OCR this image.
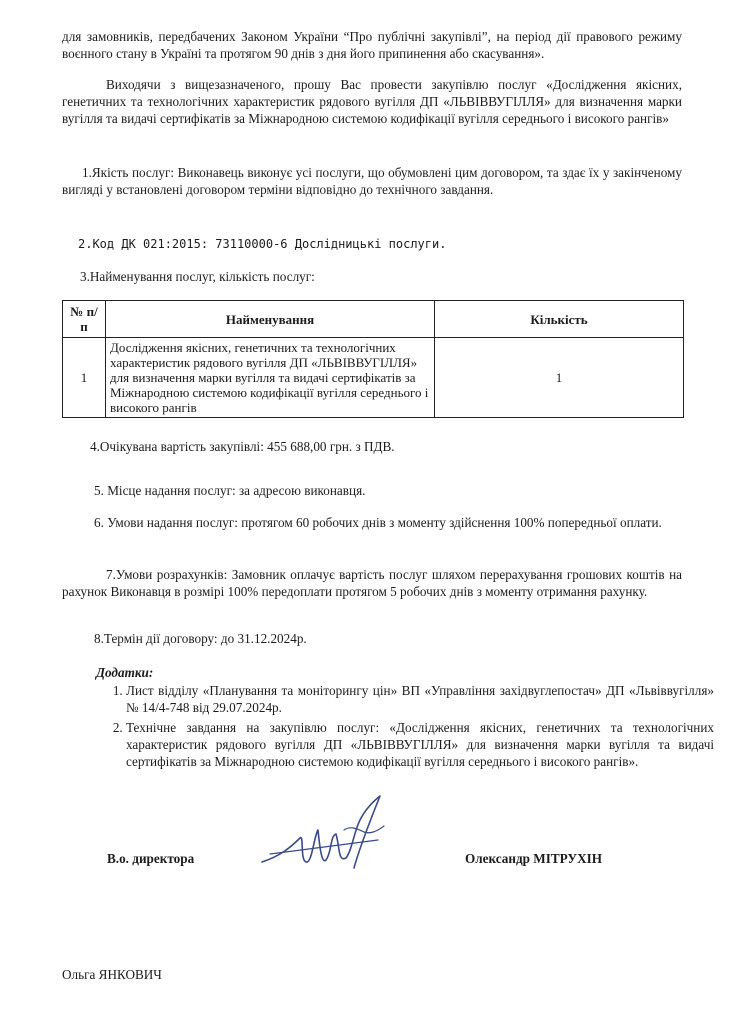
для замовників, передбачених Законом України “Про публічні закупівлі”, на період дії правового режиму воєнного стану в Україні та протягом 90 днів з дня його припинення або скасування».

Виходячи з вищезазначеного, прошу Вас провести закупівлю послуг «Дослідження якісних, генетичних та технологічних характеристик рядового вугілля ДП «ЛЬВІВВУГІЛЛЯ» для визначення марки вугілля та видачі сертифікатів за Міжнародною системою кодифікації вугілля середнього і високого рангів»

1.Якість послуг: Виконавець виконує усі послуги, що обумовлені цим договором, та здає їх у закінченому вигляді у встановлені договором терміни відповідно до технічного завдання.

2.Код ДК 021:2015: 73110000-6 Дослідницькі послуги.

3.Найменування послуг, кількість послуг:

№ п/п	Найменування	Кількість
1	Дослідження якісних, генетичних та технологічних характеристик рядового вугілля ДП «ЛЬВІВВУГІЛЛЯ» для визначення марки вугілля та видачі сертифікатів за Міжнародною системою кодифікації вугілля середнього і високого рангів	1

4.Очікувана вартість закупівлі: 455 688,00 грн. з ПДВ.

5. Місце надання послуг: за адресою виконавця.

6. Умови надання послуг: протягом 60 робочих днів з моменту здійснення 100% попередньої оплати.

7.Умови розрахунків: Замовник оплачує вартість послуг шляхом перерахування грошових коштів на рахунок Виконавця в розмірі 100% передоплати протягом 5 робочих днів з моменту отримання рахунку.

8.Термін дії договору: до 31.12.2024р.

Додатки:
1. Лист відділу «Планування та моніторингу цін» ВП «Управління західвуглепостач» ДП «Львіввугілля» № 14/4-748 від 29.07.2024р.
2. Технічне завдання на закупівлю послуг: «Дослідження якісних, генетичних та технологічних характеристик рядового вугілля ДП «ЛЬВІВВУГІЛЛЯ» для визначення марки вугілля та видачі сертифікатів за Міжнародною системою кодифікації вугілля середнього і високого рангів».
В.о. директора	Олександр МІТРУХІН
Ольга ЯНКОВИЧ
